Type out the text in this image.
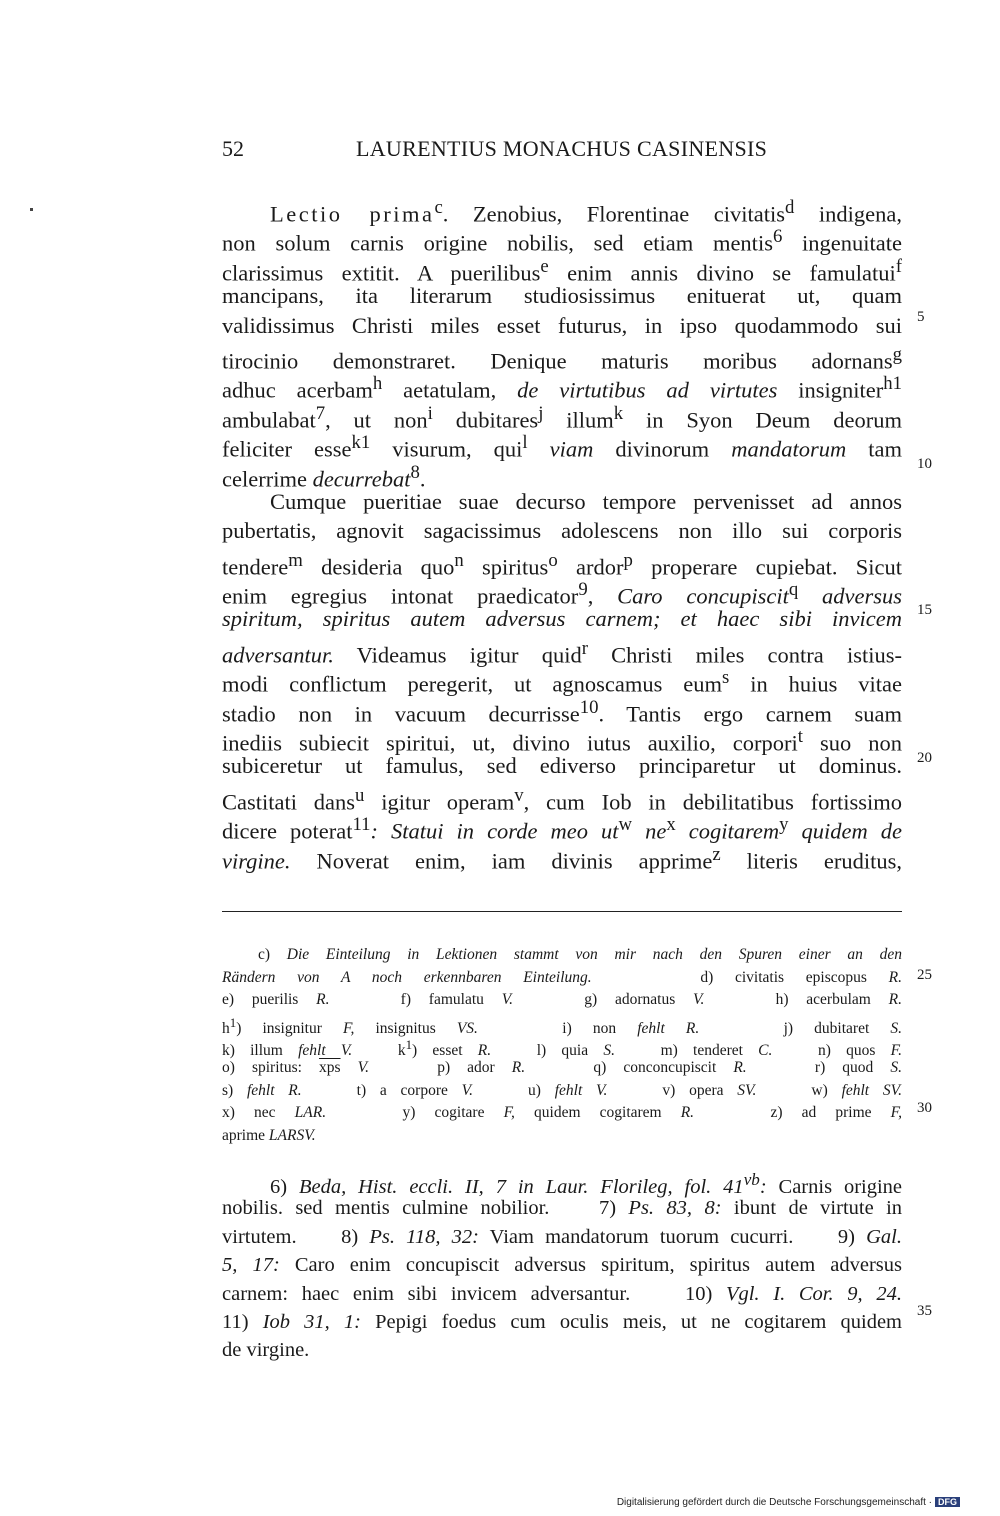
52	LAURENTIUS MONACHUS CASINENSIS
Lectio prima$^c$. Zenobius, Florentinae civitatis$^d$ indigena,
non solum carnis origine nobilis, sed etiam mentis$^6$ ingenuitate
clarissimus extitit. A puerilibus$^e$ enim annis divino se famulatui$^f$
mancipans, ita literarum studiosissimus enituerat ut, quam
validissimus Christi miles esset futurus, in ipso quodammodo sui
tirocinio demonstraret. Denique maturis moribus adornans$^g$
adhuc acerbam$^h$ aetatulam, de virtutibus ad virtutes insigniter$^{h1}$
ambulabat$^7$, ut non$^i$ dubitares$^j$ illum$^k$ in Syon Deum deorum
feliciter esse$^{k1}$ visurum, qui$^l$ viam divinorum mandatorum tam
celerrime decurrebat$^8$.
Cumque pueritiae suae decurso tempore pervenisset ad annos
pubertatis, agnovit sagacissimus adolescens non illo sui corporis
tendere$^m$ desideria quo$^n$ spiritus$^o$ ardor$^p$ properare cupiebat. Sicut
enim egregius intonat praedicator$^9$, Caro concupiscit$^q$ adversus
spiritum, spiritus autem adversus carnem; et haec sibi invicem
adversantur. Videamus igitur quid$^r$ Christi miles contra istius-
modi conflictum peregerit, ut agnoscamus eum$^s$ in huius vitae
stadio non in vacuum decurrisse$^{10}$. Tantis ergo carnem suam
inediis subiecit spiritui, ut, divino iutus auxilio, corpori$^t$ suo non
subiceretur ut famulus, sed ediverso principaretur ut dominus.
Castitati dans$^u$ igitur operam$^v$, cum Iob in debilitatibus fortissimo
dicere poterat$^{11}$: Statui in corde meo $ut^w$ $ne^x$ cogitarem$^y$ quidem de
virgine. Noverat enim, iam divinis apprime$^z$ literis eruditus,
5
10
15
20
25
30
35
c) Die Einteilung in Lektionen stammt von mir nach den Spuren einer an den
Rändern von A noch erkennbaren Einteilung.     d) civitatis episcopus R.
e) puerilis R.    f) famulatu V.    g) adornatus V.    h) acerbulam R.
$h^1$) insignitur F, insignitus VS.    i) non fehlt R.    j) dubitaret S.
k) illum fehlt V.   $k^1$) esset R.   l) quia S.   m) tenderet C.   n) quos F.
o) spiritus: $\overline{xps}$ V.    p) ador R.    q) conconcupiscit R.    r) quod S.
s) fehlt R.    t) a corpore V.    u) fehlt V.    v) opera SV.    w) fehlt SV.
x) nec LAR.    y) cogitare F, quidem cogitarem R.    z) ad prime F,
aprime LARSV.
6) Beda, Hist. eccli. II, 7 in Laur. Florileg, fol. $41^{vb}$: Carnis origine
nobilis. sed mentis culmine nobilior.    7) Ps. 83, 8: ibunt de virtute in
virtutem.    8) Ps. 118, 32: Viam mandatorum tuorum cucurri.    9) Gal.
5, 17: Caro enim concupiscit adversus spiritum, spiritus autem adversus
carnem: haec enim sibi invicem adversantur.    10) Vgl. I. Cor. 9, 24.
11) Iob 31, 1: Pepigi foedus cum oculis meis, ut ne cogitarem quidem
de virgine.
Digitalisierung gefördert durch die Deutsche Forschungsgemeinschaft · DFG
